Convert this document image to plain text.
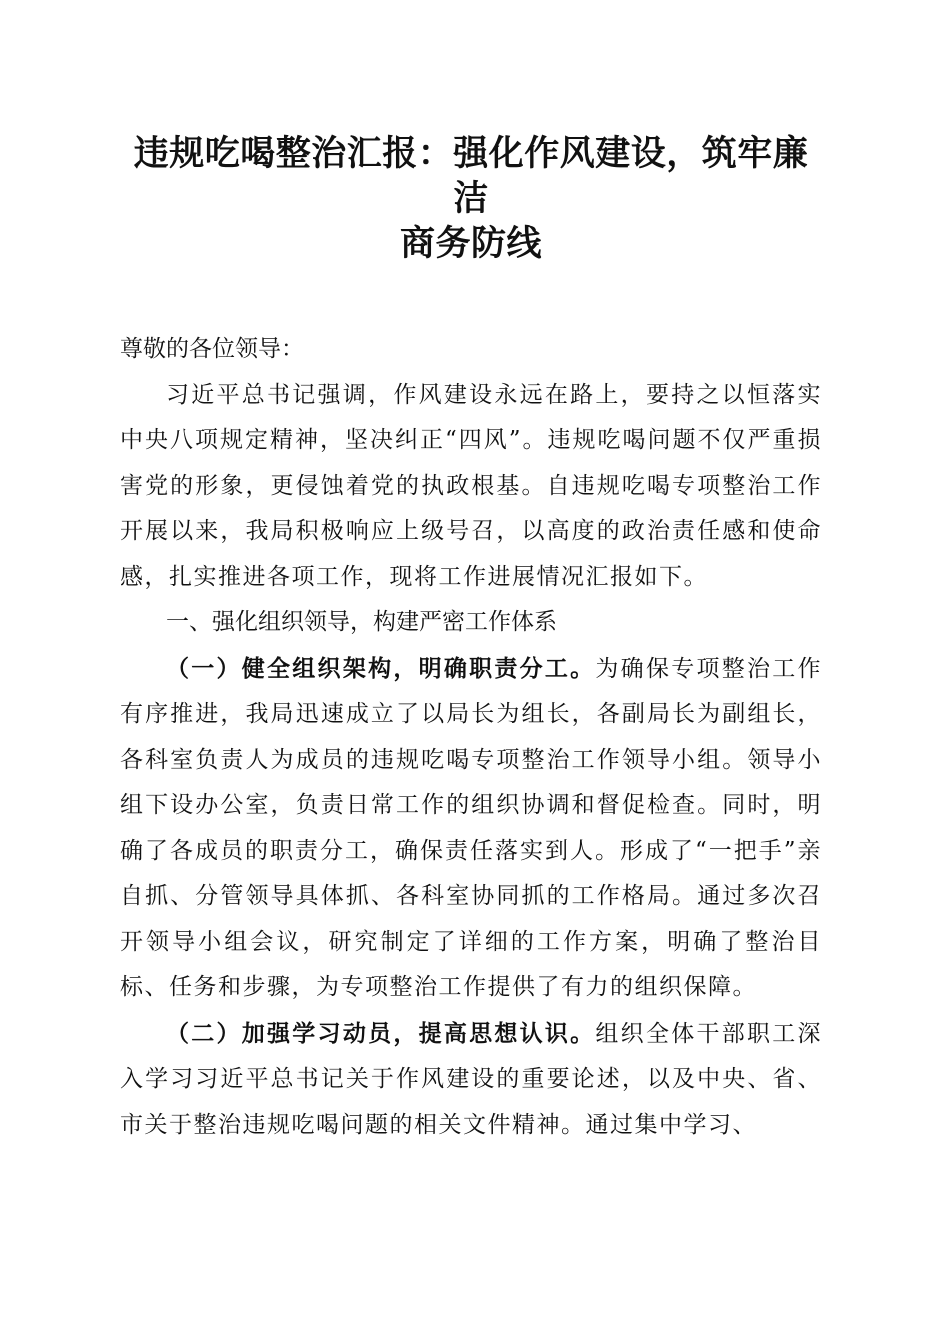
违规吃喝整治汇报：强化作风建设，筑牢廉洁
商务防线

尊敬的各位领导：

习近平总书记强调，作风建设永远在路上，要持之以恒落实中央八项规定精神，坚决纠正“四风”。违规吃喝问题不仅严重损害党的形象，更侵蚀着党的执政根基。自违规吃喝专项整治工作开展以来，我局积极响应上级号召，以高度的政治责任感和使命感，扎实推进各项工作，现将工作进展情况汇报如下。

一、强化组织领导，构建严密工作体系

（一）健全组织架构，明确职责分工。为确保专项整治工作有序推进，我局迅速成立了以局长为组长，各副局长为副组长，各科室负责人为成员的违规吃喝专项整治工作领导小组。领导小组下设办公室，负责日常工作的组织协调和督促检查。同时，明确了各成员的职责分工，确保责任落实到人。形成了“一把手”亲自抓、分管领导具体抓、各科室协同抓的工作格局。通过多次召开领导小组会议，研究制定了详细的工作方案，明确了整治目标、任务和步骤，为专项整治工作提供了有力的组织保障。

（二）加强学习动员，提高思想认识。组织全体干部职工深入学习习近平总书记关于作风建设的重要论述，以及中央、省、市关于整治违规吃喝问题的相关文件精神。通过集中学习、
